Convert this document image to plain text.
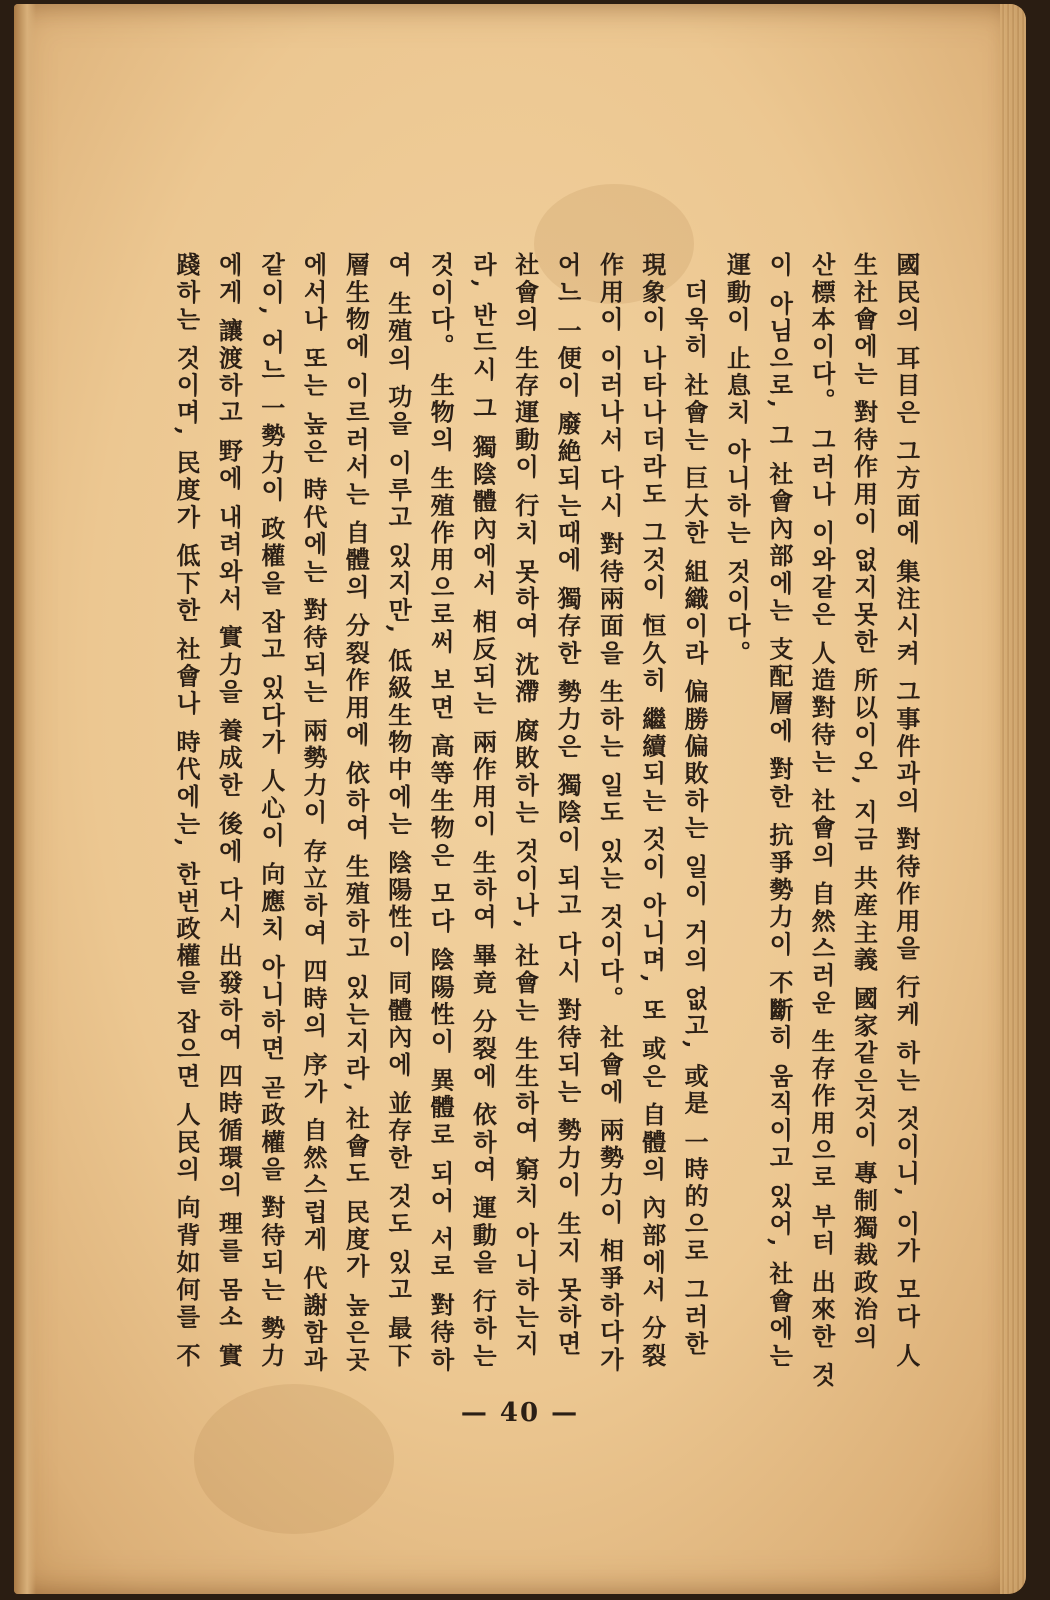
國民의 耳目은 그方面에 集注시켜 그事件과의 對待作用을 行케 하는 것이니, 이가 모다 人
生社會에는 對待作用이 없지못한 所以이오, 지금 共産主義 國家같은것이 專制獨裁政治의
산標本이다。 그러나 이와같은 人造對待는 社會의 自然스러운 生存作用으로 부터 出來한 것
이 아님으로, 그 社會內部에는 支配層에 對한 抗爭勢力이 不斷히 움직이고 있어, 社會에는
運動이 止息치 아니하는 것이다。
　더욱히 社會는 巨大한 組織이라 偏勝偏敗하는 일이 거의 없고, 或是 一時的으로 그러한
現象이 나타나더라도 그것이 恒久히 繼續되는 것이 아니며, 또 或은 自體의 內部에서 分裂
作用이 이러나서 다시 對待兩面을 生하는 일도 있는 것이다。 社會에 兩勢力이 相爭하다가
어느 一便이 廢絶되는때에 獨存한 勢力은 獨陰이 되고 다시 對待되는 勢力이 生지 못하면
社會의 生存運動이 行치 못하여 沈滯 腐敗하는 것이나, 社會는 生生하여 窮치 아니하는지
라, 반드시 그 獨陰體內에서 相反되는 兩作用이 生하여 畢竟 分裂에 依하여 運動을 行하는
것이다。 生物의 生殖作用으로써 보면 高等生物은 모다 陰陽性이 異體로 되어 서로 對待하
여 生殖의 功을 이루고 있지만, 低級生物中에는 陰陽性이 同體內에 並存한 것도 있고 最下
層生物에 이르러서는 自體의 分裂作用에 依하여 生殖하고 있는지라, 社會도 民度가 높은곳
에서나 또는 높은 時代에는 對待되는 兩勢力이 存立하여 四時의 序가 自然스럽게 代謝함과
같이, 어느 一勢力이 政權을 잡고 있다가 人心이 向應치 아니하면 곧政權을 對待되는 勢力
에게 讓渡하고 野에 내려와서 實力을 養成한 後에 다시 出發하여 四時循環의 理를 몸소 實
踐하는 것이며, 民度가 低下한 社會나 時代에는, 한번政權을 잡으면 人民의 向背如何를 不
— 40 —
